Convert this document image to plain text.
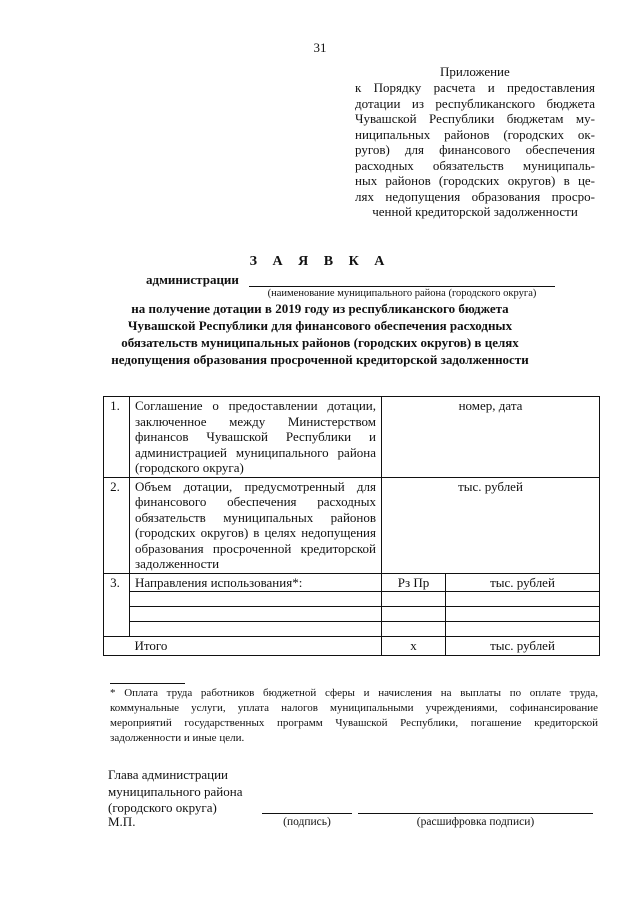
31
Приложение
к Порядку расчета и предоставления
дотации из республиканского бюджета
Чувашской Республики бюджетам му-
ниципальных районов (городских ок-
ругов) для финансового обеспечения
расходных обязательств муниципаль-
ных районов (городских округов) в це-
лях недопущения образования просро-
ченной кредиторской задолженности
З А Я В К А
администрации
(наименование муниципального района (городского округа)
на получение дотации в 2019 году из республиканского бюджета
Чувашской Республики для финансового обеспечения расходных
обязательств муниципальных районов (городских округов) в целях
недопущения образования просроченной кредиторской задолженности
1.	Соглашение о предоставлении дотации, заключенное между Министерством финансов Чувашской Республики и администрацией муниципального района (городского округа)	номер, дата	
2.	Объем дотации, предусмотренный для финансового обеспечения расходных обязательств муниципальных районов (городских округов) в целях недопущения образования просроченной кредиторской задолженности	тыс. рублей	
3.	Направления использования*:	Рз Пр	тыс. рублей

	Итого	х	тыс. рублей
* Оплата труда работников бюджетной сферы и начисления на выплаты по оплате труда, коммунальные услуги, уплата налогов муниципальными учреждениями, софинансирование мероприятий государственных программ Чувашской Республики, погашение кредиторской задолженности и иные цели.
Глава администрации
муниципального района
(городского округа)
М.П.	(подпись)	(расшифровка подписи)
